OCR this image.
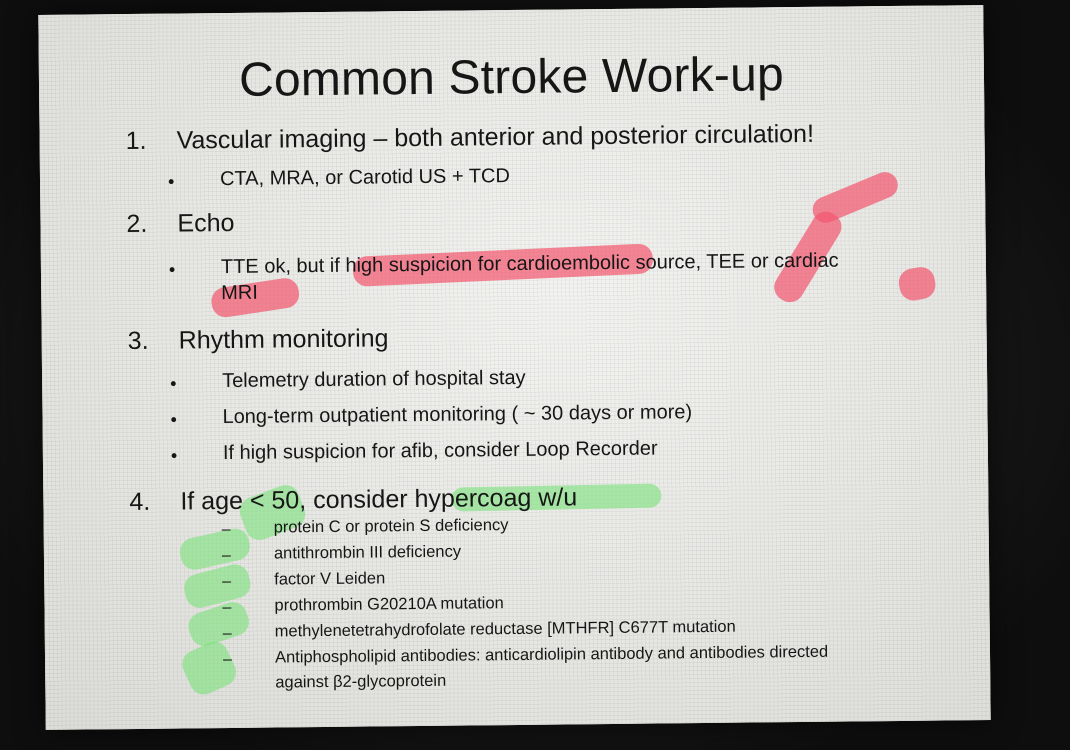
Common Stroke Work-up
1. Vascular imaging – both anterior and posterior circulation!
• CTA, MRA, or Carotid US + TCD
2. Echo
• TTE ok, but if high suspicion for cardioembolic source, TEE or cardiac
MRI
3. Rhythm monitoring
• Telemetry duration of hospital stay
• Long-term outpatient monitoring ( ~ 30 days or more)
• If high suspicion for afib, consider Loop Recorder
4. If age < 50, consider hypercoag w/u
–	protein C or protein S deficiency
–	antithrombin III deficiency
–	factor V Leiden
–	prothrombin G20210A mutation
–	methylenetetrahydrofolate reductase [MTHFR] C677T mutation
–	Antiphospholipid antibodies: anticardiolipin antibody and antibodies directed
against β2-glycoprotein
